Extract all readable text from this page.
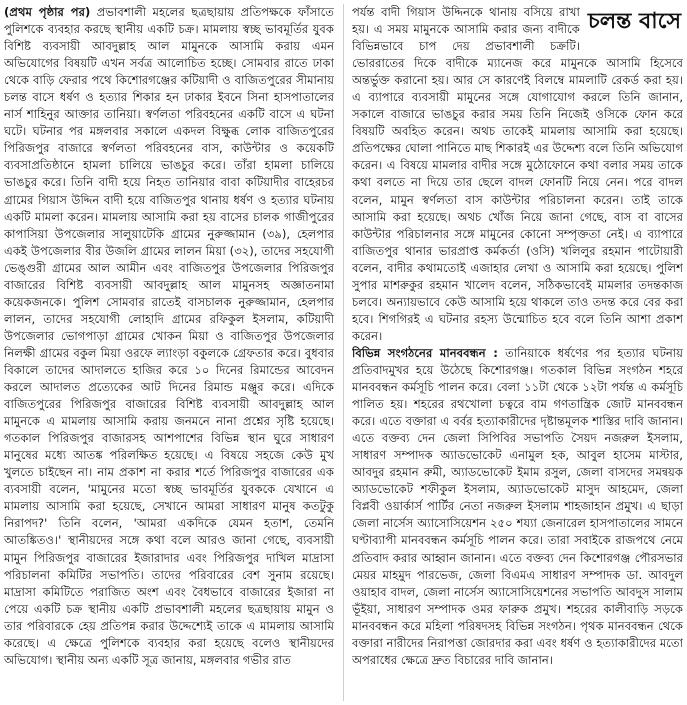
(প্রথম পৃষ্ঠার পর) প্রভাবশালী মহলের ছত্রছায়ায় প্রতিপক্ষকে ফাঁসাতে পুলিশকে ব্যবহার করছে স্থানীয় একটি চক্র। মামলায় স্বচ্ছ ভাবমূর্তির যুবক বিশিষ্ট ব্যবসায়ী আবদুল্লাহ আল মামুনকে আসামি করায় এমন অভিযোগের বিষয়টি এখন সর্বত্র আলোচিত হচ্ছে। সোমবার রাতে ঢাকা থেকে বাড়ি ফেরার পথে কিশোরগঞ্জের কটিয়াদী ও বাজিতপুরের সীমানায় চলন্ত বাসে ধর্ষণ ও হত্যার শিকার হন ঢাকার ইবনে সিনা হাসপাতালের নার্স শাহিনুর আক্তার তানিয়া। স্বর্ণলতা পরিবহনের একটি বাসে এ ঘটনা ঘটে। ঘটনার পর মঙ্গলবার সকালে একদল বিক্ষুব্ধ লোক বাজিতপুরের পিরিজপুর বাজারে স্বর্ণলতা পরিবহনের বাস, কাউন্টার ও কয়েকটি ব্যবসাপ্রতিষ্ঠানে হামলা চালিয়ে ভাঙচুর করে। তাঁরা হামলা চালিয়ে ভাঙচুর করে। তিনি বাদী হয়ে নিহত তানিয়ার বাবা কটিয়াদীর বাহেরচর গ্রামের গিয়াস উদ্দিন বাদী হয়ে বাজিতপুর থানায় ধর্ষণ ও হত্যার ঘটনায় একটি মামলা করেন। মামলায় আসামি করা হয় বাসের চালক গাজীপুরের কাপাসিয়া উপজেলার সালুয়াটেকি গ্রামের নুরুজ্জামান (৩৯), হেলপার একই উপজেলার বীর উজলি গ্রামের লালন মিয়া (৩২), তাদের সহযোগী ভেঙ্গুরী গ্রামের আল আমীন এবং বাজিতপুর উপজেলার পিরিজপুর বাজারের বিশিষ্ট ব্যবসায়ী আবদুল্লাহ আল মামুনসহ অজ্ঞাতনামা কয়েকজনকে। পুলিশ সোমবার রাতেই বাসচালক নুরুজ্জামান, হেলপার লালন, তাদের সহযোগী লোহাদি গ্রামের রফিকুল ইসলাম, কটিয়াদী উপজেলার ভোগপাড়া গ্রামের খোকন মিয়া ও বাজিতপুর উপজেলার নিলক্ষী গ্রামের বকুল মিয়া ওরফে ল্যাংড়া বকুলকে গ্রেফতার করে। বুধবার বিকালে তাদের আদালতে হাজির করে ১০ দিনের রিমান্ডের আবেদন করলে আদালত প্রত্যেকের আট দিনের রিমান্ড মঞ্জুর করে। এদিকে বাজিতপুরের পিরিজপুর বাজারের বিশিষ্ট ব্যবসায়ী আবদুল্লাহ আল মামুনকে এ মামলায় আসামি করায় জনমনে নানা প্রশ্নের সৃষ্টি হয়েছে। গতকাল পিরিজপুর বাজারসহ আশপাশের বিভিন্ন স্থান ঘুরে সাধারণ মানুষের মধ্যে আতঙ্ক পরিলক্ষিত হয়েছে। এ বিষয়ে সহজে কেউ মুখ খুলতে চাইছেন না। নাম প্রকাশ না করার শর্তে পিরিজপুর বাজারের এক ব্যবসায়ী বলেন, 'মামুনের মতো স্বচ্ছ ভাবমূর্তির যুবককে যেখানে এ মামলায় আসামি করা হয়েছে, সেখানে আমরা সাধারণ মানুষ কতটুকু নিরাপদ?' তিনি বলেন, 'আমরা একদিকে যেমন হতাশ, তেমনি আতঙ্কিতও।' স্থানীয়দের সঙ্গে কথা বলে আরও জানা গেছে, ব্যবসায়ী মামুন পিরিজপুর বাজারের ইজারাদার এবং পিরিজপুর দাখিল মাদ্রাসা পরিচালনা কমিটির সভাপতি। তাদের পরিবারের বেশ সুনাম রয়েছে। মাদ্রাসা কমিটিতে পরাজিত অংশ এবং বৈধভাবে বাজারের ইজারা না পেয়ে একটি চক্র স্থানীয় একটি প্রভাবশালী মহলের ছত্রছায়ায় মামুন ও তার পরিবারকে হেয় প্রতিপন্ন করার উদ্দেশ্যেই তাকে এ মামলায় আসামি করেছে। এ ক্ষেত্রে পুলিশকে ব্যবহার করা হয়েছে বলেও স্থানীয়দের অভিযোগ। স্থানীয় অন্য একটি সূত্র জানায়, মঙ্গলবার গভীর রাত

চলন্ত বাসে
পর্যন্ত বাদী গিয়াস উদ্দিনকে থানায় বসিয়ে রাখা হয়। এ সময় মামুনকে আসামি করার জন্য বাদীকে বিভিন্নভাবে চাপ দেয় প্রভাবশালী চক্রটি। ভোররাতের দিকে বাদীকে ম্যানেজ করে মামুনকে আসামি হিসেবে অন্তর্ভুক্ত করানো হয়। আর সে কারণেই বিলম্বে মামলাটি রেকর্ড করা হয়। এ ব্যাপারে ব্যবসায়ী মামুনের সঙ্গে যোগাযোগ করলে তিনি জানান, সকালে বাজারে ভাঙচুর করার সময় তিনি নিজেই ওসিকে ফোন করে বিষয়টি অবহিত করেন। অথচ তাকেই মামলায় আসামি করা হয়েছে। প্রতিপক্ষের ঘোলা পানিতে মাছ শিকারই এর উদ্দেশ্য বলে তিনি অভিযোগ করেন। এ বিষয়ে মামলার বাদীর সঙ্গে মুঠোফোনে কথা বলার সময় তাকে কথা বলতে না দিয়ে তার ছেলে বাদল ফোনটি নিয়ে নেন। পরে বাদল বলেন, মামুন স্বর্ণলতা বাস কাউন্টার পরিচালনা করেন। তাই তাকে আসামি করা হয়েছে। অথচ খোঁজ নিয়ে জানা গেছে, বাস বা বাসের কাউন্টার পরিচালনার সঙ্গে মামুনের কোনো সম্পৃক্ততা নেই। এ ব্যাপারে বাজিতপুর থানার ভারপ্রাপ্ত কর্মকর্তা (ওসি) খলিলুর রহমান পাটোয়ারী বলেন, বাদীর কথামতোই এজাহার লেখা ও আসামি করা হয়েছে। পুলিশ সুপার মাশরুকুর রহমান খালেদ বলেন, সঠিকভাবেই মামলার তদন্তকাজ চলবে। অন্যায়ভাবে কেউ আসামি হয়ে থাকলে তাও তদন্ত করে বের করা হবে। শিগগিরই এ ঘটনার রহস্য উন্মোচিত হবে বলে তিনি আশা প্রকাশ করেন।

বিভিন্ন সংগঠনের মানববন্ধন : তানিয়াকে ধর্ষণের পর হত্যার ঘটনায় প্রতিবাদমুখর হয়ে উঠেছে কিশোরগঞ্জ। গতকাল বিভিন্ন সংগঠন শহরে মানববন্ধন কর্মসূচি পালন করে। বেলা ১১টা থেকে ১২টা পর্যন্ত এ কর্মসূচি পালিত হয়। শহরের রথখোলা চত্বরে বাম গণতান্ত্রিক জোট মানববন্ধন করে। এতে বক্তারা এ বর্বর হত্যাকারীদের দৃষ্টান্তমূলক শাস্তির দাবি জানান। এতে বক্তব্য দেন জেলা সিপিবির সভাপতি সৈয়দ নজরুল ইসলাম, সাধারণ সম্পাদক অ্যাডভোকেট এনামুল হক, আবুল হাসেম মাস্টার, আবদুর রহমান রুমী, অ্যাডভোকেট ইমাম রসুল, জেলা বাসদের সমন্বয়ক অ্যাডভোকেট শফীকুল ইসলাম, অ্যাডভোকেট মাসুদ আহমেদ, জেলা বিপ্লবী ওয়ার্কার্স পার্টির নেতা নজরুল ইসলাম শাহজাহান প্রমুখ। এ ছাড়া জেলা নার্সেস অ্যাসোসিয়েশন ২৫০ শয্যা জেনারেল হাসপাতালের সামনে ঘণ্টাব্যাপী মানববন্ধন কর্মসূচি পালন করে। তারা সবাইকে রাজপথে নেমে প্রতিবাদ করার আহ্বান জানান। এতে বক্তব্য দেন কিশোরগঞ্জ পৌরসভার মেয়র মাহমুদ পারভেজ, জেলা বিএমএ সাধারণ সম্পাদক ডা. আবদুল ওয়াহাব বাদল, জেলা নার্সেস অ্যাসোসিয়েশনের সভাপতি আবদুস সালাম ভূঁইয়া, সাধারণ সম্পাদক ওমর ফারুক প্রমুখ। শহরের কালীবাড়ি সড়কে মানববন্ধন করে মহিলা পরিষদসহ বিভিন্ন সংগঠন। পৃথক মানববন্ধন থেকে বক্তারা নারীদের নিরাপত্তা জোরদার করা এবং ধর্ষণ ও হত্যাকারীদের মতো অপরাধের ক্ষেত্রে দ্রুত বিচারের দাবি জানান।
